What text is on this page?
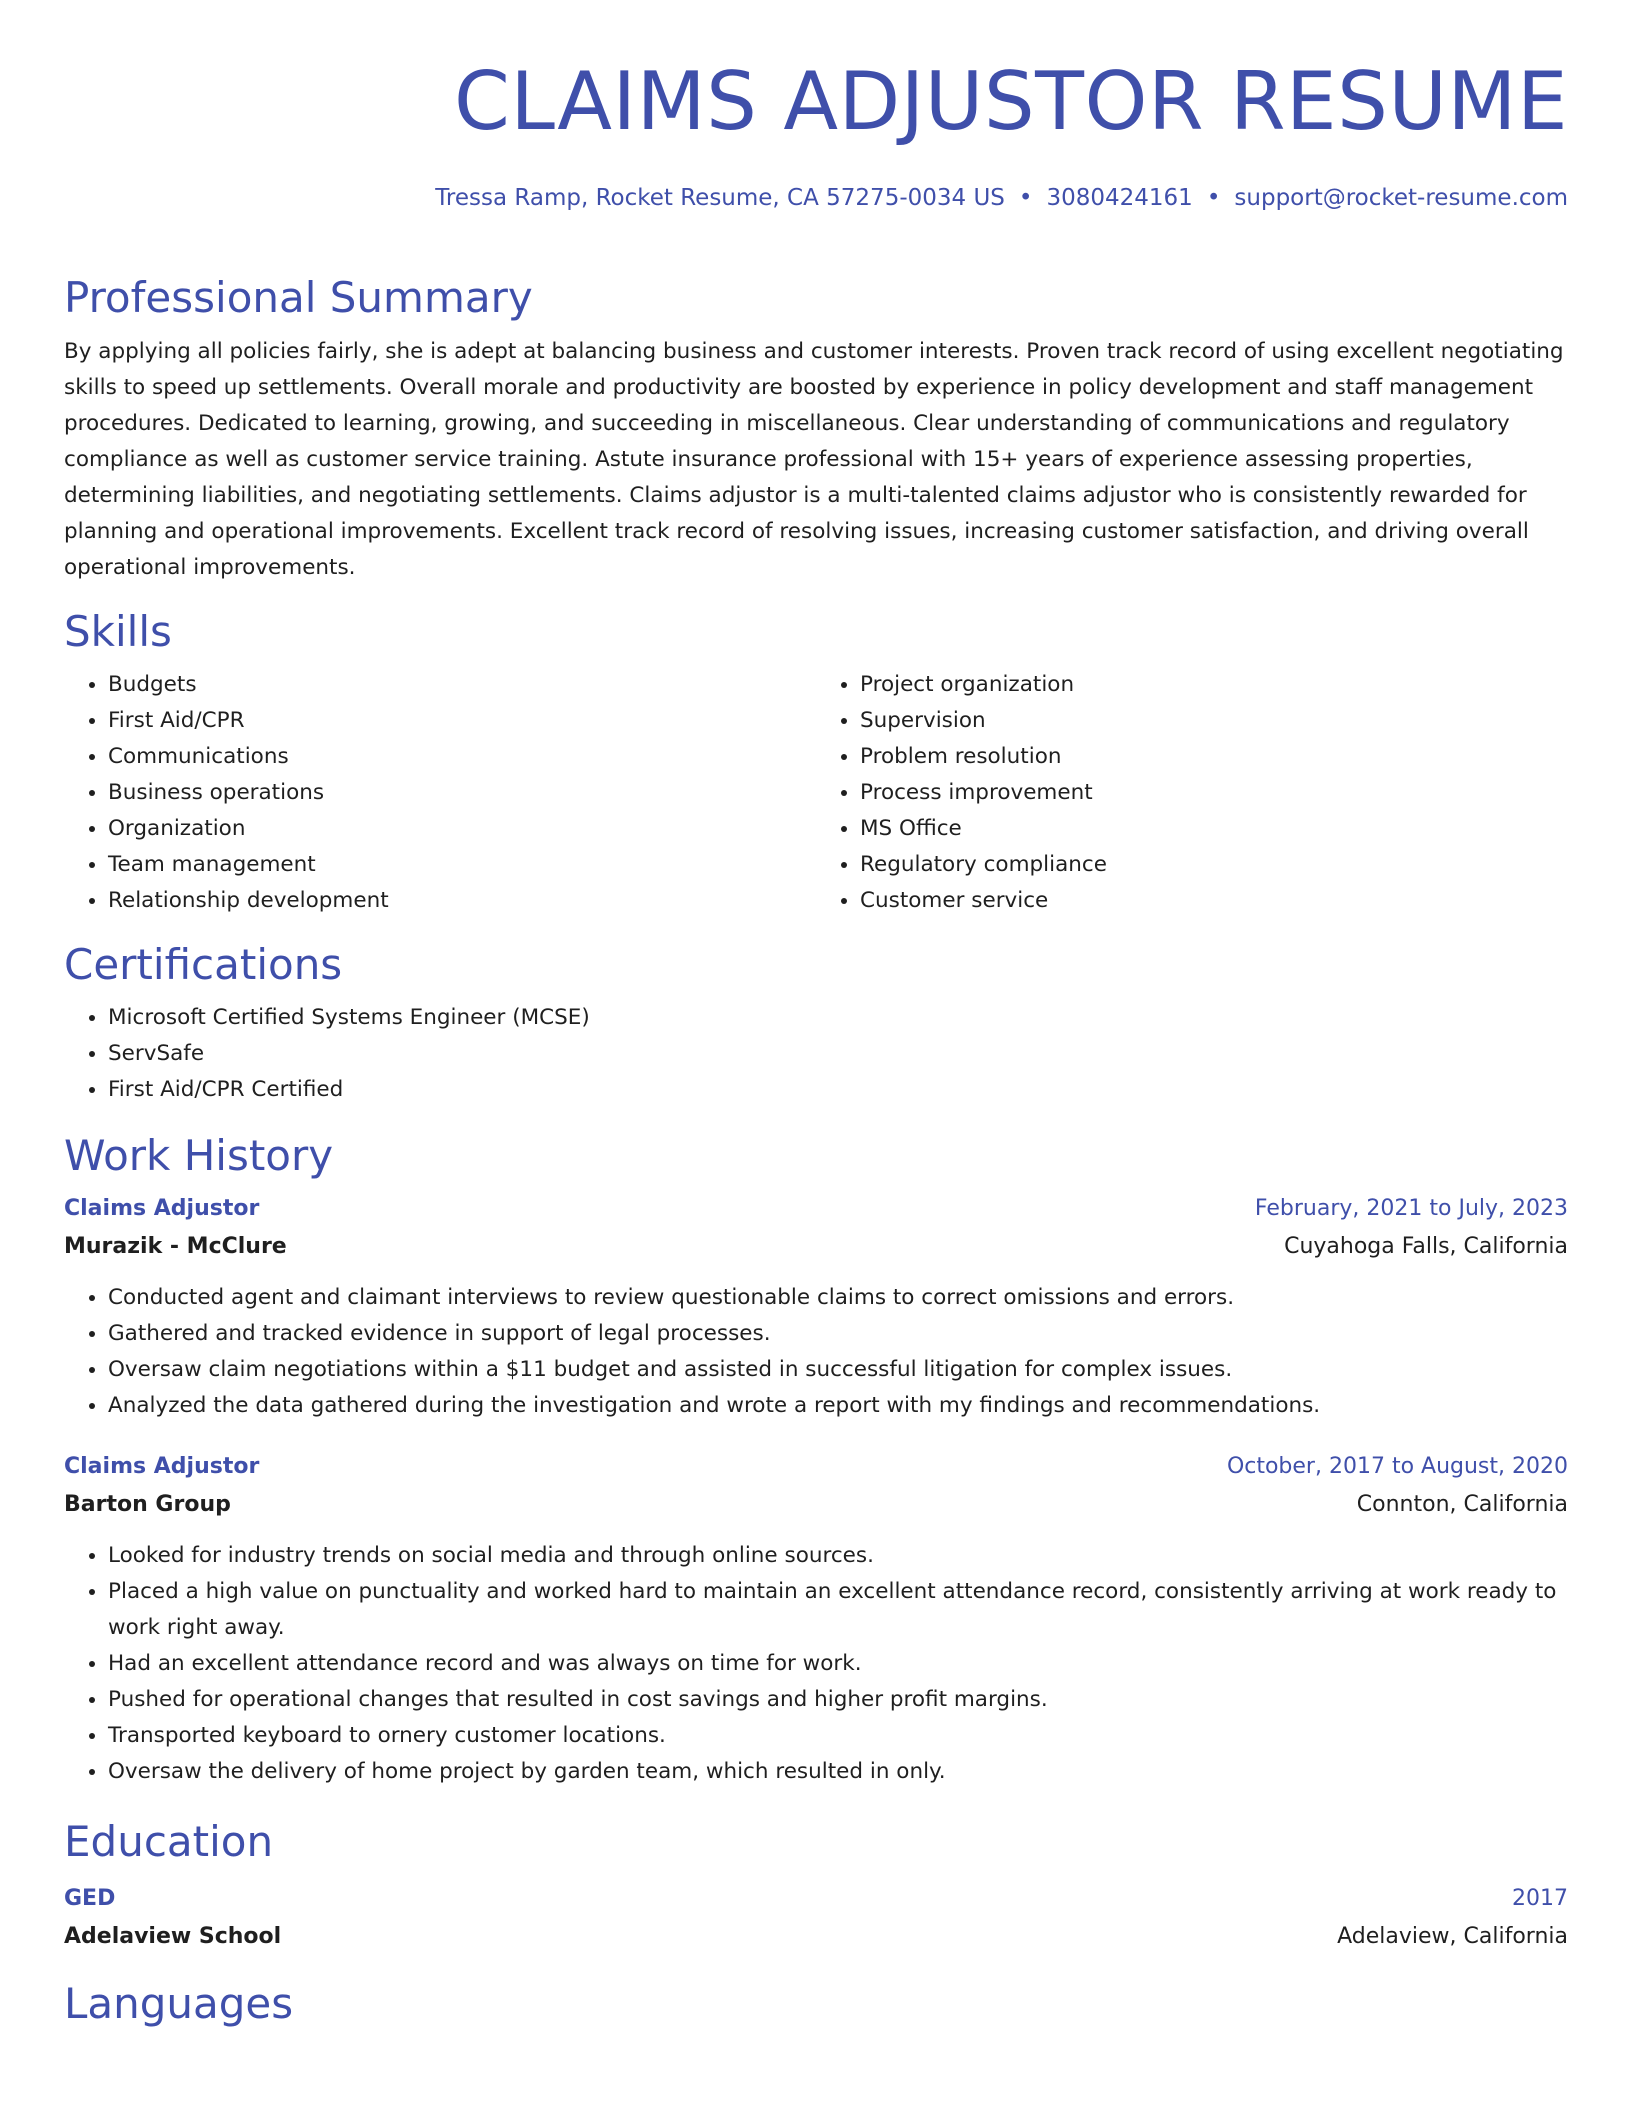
CLAIMS ADJUSTOR RESUME
Tressa Ramp, Rocket Resume, CA 57275-0034 US • 3080424161 • support@rocket-resume.com
Professional Summary

By applying all policies fairly, she is adept at balancing business and customer interests. Proven track record of using excellent negotiating skills to speed up settlements. Overall morale and productivity are boosted by experience in policy development and staff management procedures. Dedicated to learning, growing, and succeeding in miscellaneous. Clear understanding of communications and regulatory compliance as well as customer service training. Astute insurance professional with 15+ years of experience assessing properties, determining liabilities, and negotiating settlements. Claims adjustor is a multi-talented claims adjustor who is consistently rewarded for planning and operational improvements. Excellent track record of resolving issues, increasing customer satisfaction, and driving overall operational improvements.

Skills
• Budgets
• First Aid/CPR
• Communications
• Business operations
• Organization
• Team management
• Relationship development
• Project organization
• Supervision
• Problem resolution
• Process improvement
• MS Office
• Regulatory compliance
• Customer service
Certifications
• Microsoft Certified Systems Engineer (MCSE)
• ServSafe
• First Aid/CPR Certified
Work History
Claims Adjustor	February, 2021 to July, 2023
Murazik - McClure	Cuyahoga Falls, California
• Conducted agent and claimant interviews to review questionable claims to correct omissions and errors.
• Gathered and tracked evidence in support of legal processes.
• Oversaw claim negotiations within a $11 budget and assisted in successful litigation for complex issues.
• Analyzed the data gathered during the investigation and wrote a report with my findings and recommendations.
Claims Adjustor	October, 2017 to August, 2020
Barton Group	Connton, California
• Looked for industry trends on social media and through online sources.
• Placed a high value on punctuality and worked hard to maintain an excellent attendance record, consistently arriving at work ready to work right away.
• Had an excellent attendance record and was always on time for work.
• Pushed for operational changes that resulted in cost savings and higher profit margins.
• Transported keyboard to ornery customer locations.
• Oversaw the delivery of home project by garden team, which resulted in only.
Education
GED	2017
Adelaview School	Adelaview, California
Languages
